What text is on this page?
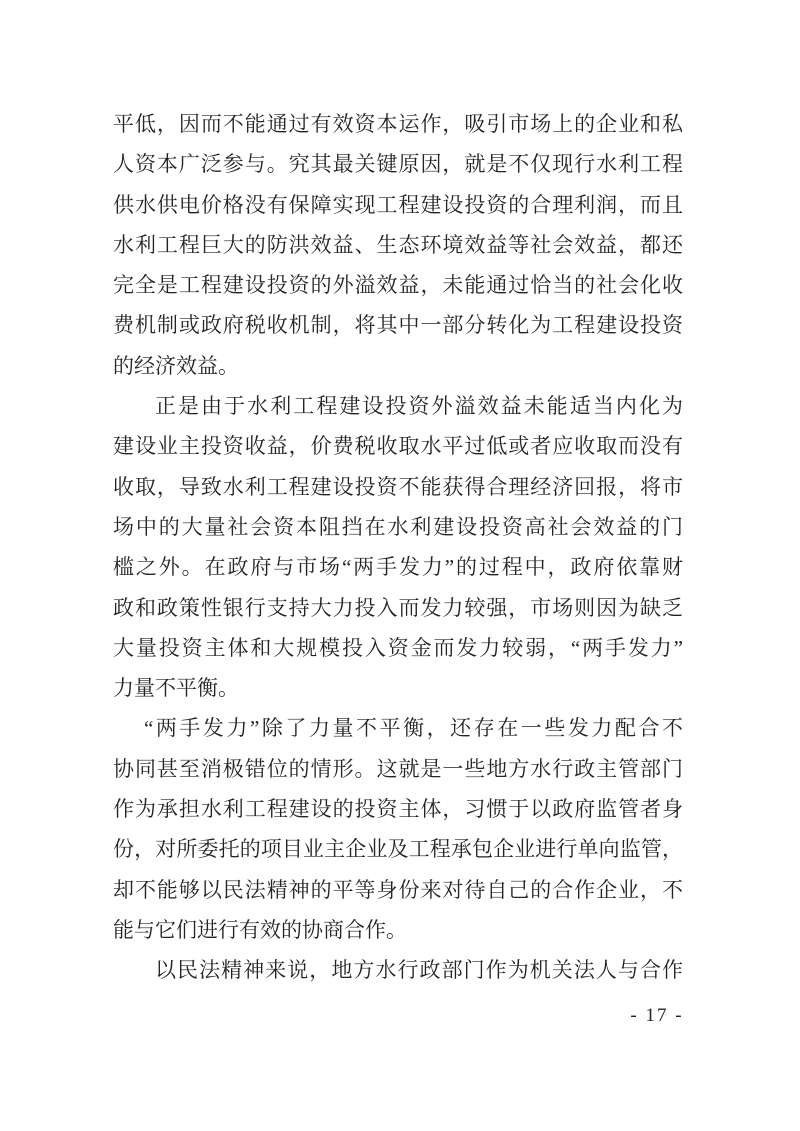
平低，因而不能通过有效资本运作，吸引市场上的企业和私
人资本广泛参与。究其最关键原因，就是不仅现行水利工程
供水供电价格没有保障实现工程建设投资的合理利润，而且
水利工程巨大的防洪效益、生态环境效益等社会效益，都还
完全是工程建设投资的外溢效益，未能通过恰当的社会化收
费机制或政府税收机制，将其中一部分转化为工程建设投资
的经济效益。

正是由于水利工程建设投资外溢效益未能适当内化为
建设业主投资收益，价费税收取水平过低或者应收取而没有
收取，导致水利工程建设投资不能获得合理经济回报，将市
场中的大量社会资本阻挡在水利建设投资高社会效益的门
槛之外。在政府与市场“两手发力”的过程中，政府依靠财
政和政策性银行支持大力投入而发力较强，市场则因为缺乏
大量投资主体和大规模投入资金而发力较弱，“两手发力”
力量不平衡。

“两手发力”除了力量不平衡，还存在一些发力配合不
协同甚至消极错位的情形。这就是一些地方水行政主管部门
作为承担水利工程建设的投资主体，习惯于以政府监管者身
份，对所委托的项目业主企业及工程承包企业进行单向监管，
却不能够以民法精神的平等身份来对待自己的合作企业，不
能与它们进行有效的协商合作。

以民法精神来说，地方水行政部门作为机关法人与合作

- 17 -
